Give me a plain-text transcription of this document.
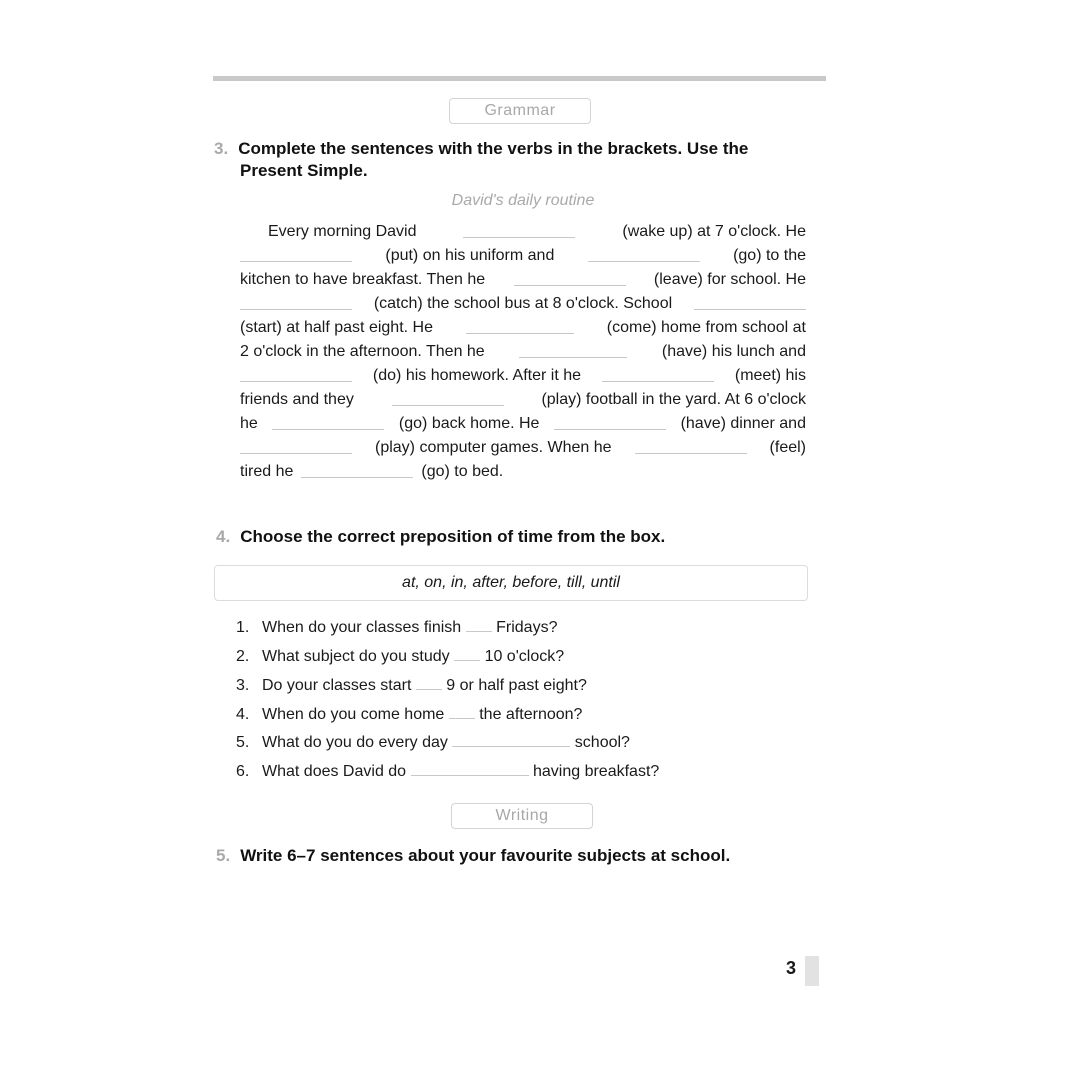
Grammar
3. Complete the sentences with the verbs in the brackets. Use the
Present Simple.
David's daily routine
Every morning David	(wake up) at 7 o'clock. He
(put) on his uniform and	(go) to the
kitchen to have breakfast. Then he	(leave) for school. He
(catch) the school bus at 8 o'clock. School
(start) at half past eight. He	(come) home from school at
2 o'clock in the afternoon. Then he	(have) his lunch and
(do) his homework. After it he	(meet) his
friends and they	(play) football in the yard. At 6 o'clock
he	(go) back home. He	(have) dinner and
(play) computer games. When he	(feel)
tired he	(go) to bed.
4. Choose the correct preposition of time from the box.
at, on, in, after, before, till, until
1. When do your classes finish Fridays?
2. What subject do you study 10 o'clock?
3. Do your classes start 9 or half past eight?
4. When do you come home the afternoon?
5. What do you do every day	school?
6. What does David do	having breakfast?
Writing
5. Write 6–7 sentences about your favourite subjects at school.
3
